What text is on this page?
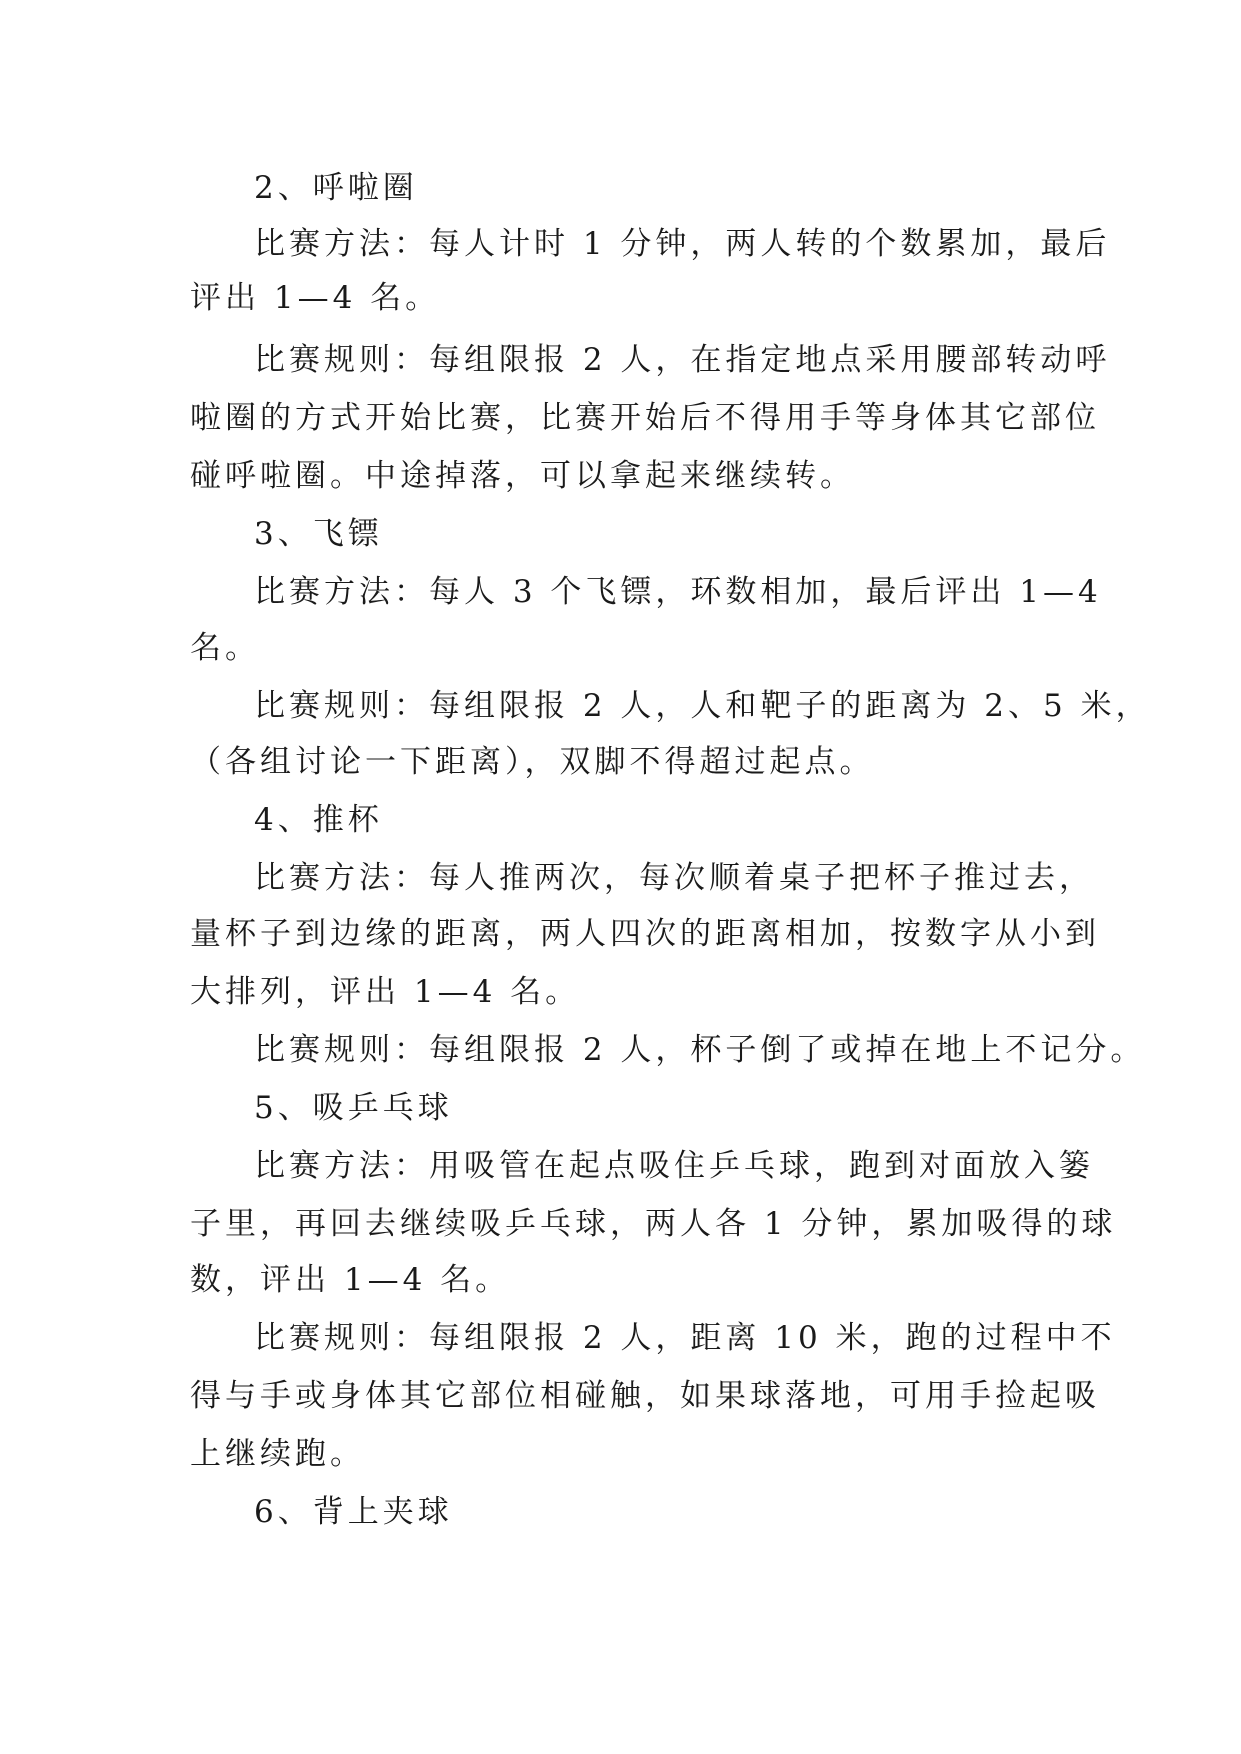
2、呼啦圈
比赛方法：每人计时 1 分钟，两人转的个数累加，最后
评出 1—4 名。
比赛规则：每组限报 2 人，在指定地点采用腰部转动呼
啦圈的方式开始比赛，比赛开始后不得用手等身体其它部位
碰呼啦圈。中途掉落，可以拿起来继续转。
3、飞镖
比赛方法：每人 3 个飞镖，环数相加，最后评出 1—4
名。
比赛规则：每组限报 2 人，人和靶子的距离为 2、5 米，
（各组讨论一下距离），双脚不得超过起点。
4、推杯
比赛方法：每人推两次，每次顺着桌子把杯子推过去，
量杯子到边缘的距离，两人四次的距离相加，按数字从小到
大排列，评出 1—4 名。
比赛规则：每组限报 2 人，杯子倒了或掉在地上不记分。
5、吸乒乓球
比赛方法：用吸管在起点吸住乒乓球，跑到对面放入篓
子里，再回去继续吸乒乓球，两人各 1 分钟，累加吸得的球
数，评出 1—4 名。
比赛规则：每组限报 2 人，距离 10 米，跑的过程中不
得与手或身体其它部位相碰触，如果球落地，可用手捡起吸
上继续跑。
6、背上夹球
